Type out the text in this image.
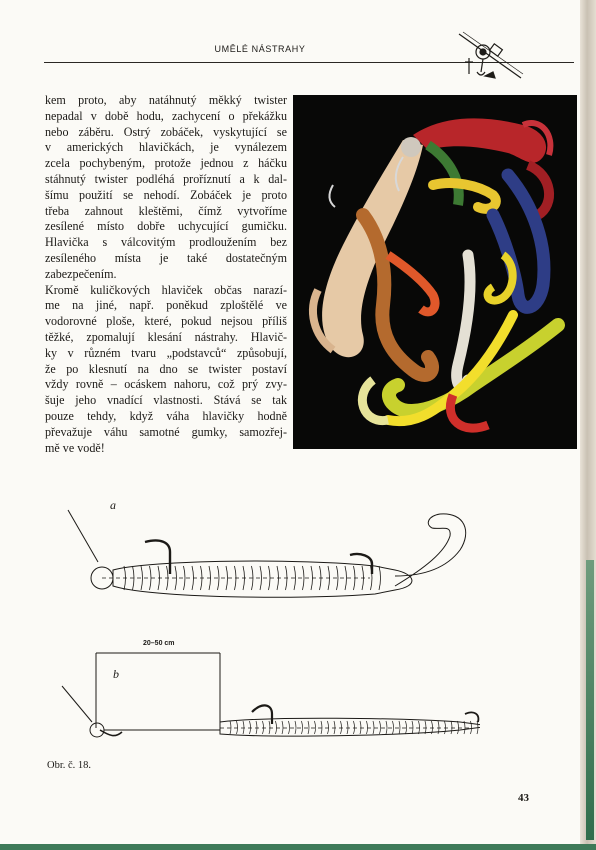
UMĚLÉ NÁSTRAHY
kem proto, aby natáhnutý měkký twister
nepadal v době hodu, zachycení o překážku
nebo záběru. Ostrý zobáček, vyskytující se
v amerických hlavičkách, je vynálezem
zcela pochybeným, protože jednou z háčku
stáhnutý twister podléhá proříznutí a k dal-
šímu použití se nehodí. Zobáček je proto
třeba zahnout kleštěmi, čímž vytvoříme
zesílené místo dobře uchycující gumičku.
Hlavička s válcovitým prodloužením bez
zesíleného místa je také dostatečným
zabezpečením.
Kromě kuličkových hlaviček občas narazí-
me na jiné, např. poněkud zploštělé ve
vodorovné ploše, které, pokud nejsou příliš
těžké, zpomalují klesání nástrahy. Hlavič-
ky v různém tvaru „podstavců“ způsobují,
že po klesnutí na dno se twister postaví
vždy rovně – ocáskem nahoru, což prý zvy-
šuje jeho vnadící vlastnosti. Stává se tak
pouze tehdy, když váha hlavičky hodně
převažuje váhu samotné gumky, samozřej-
mě ve vodě!
a
b
20–50 cm
Obr. č. 18.
43
